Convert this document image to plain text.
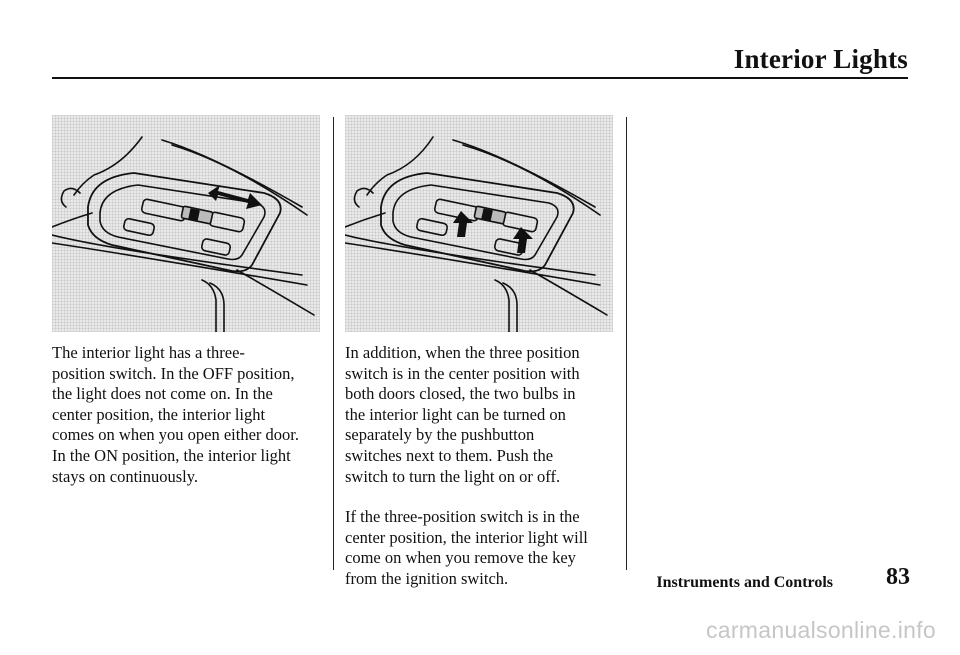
Interior Lights
The interior light has a three-
position switch. In the OFF position,
the light does not come on. In the
center position, the interior light
comes on when you open either door.
In the ON position, the interior light
stays on continuously.

In addition, when the three position
switch is in the center position with
both doors closed, the two bulbs in
the interior light can be turned on
separately by the pushbutton
switches next to them. Push the
switch to turn the light on or off.

If the three-position switch is in the
center position, the interior light will
come on when you remove the key
from the ignition switch.	Instruments and Controls 83
carmanualsonline.info
